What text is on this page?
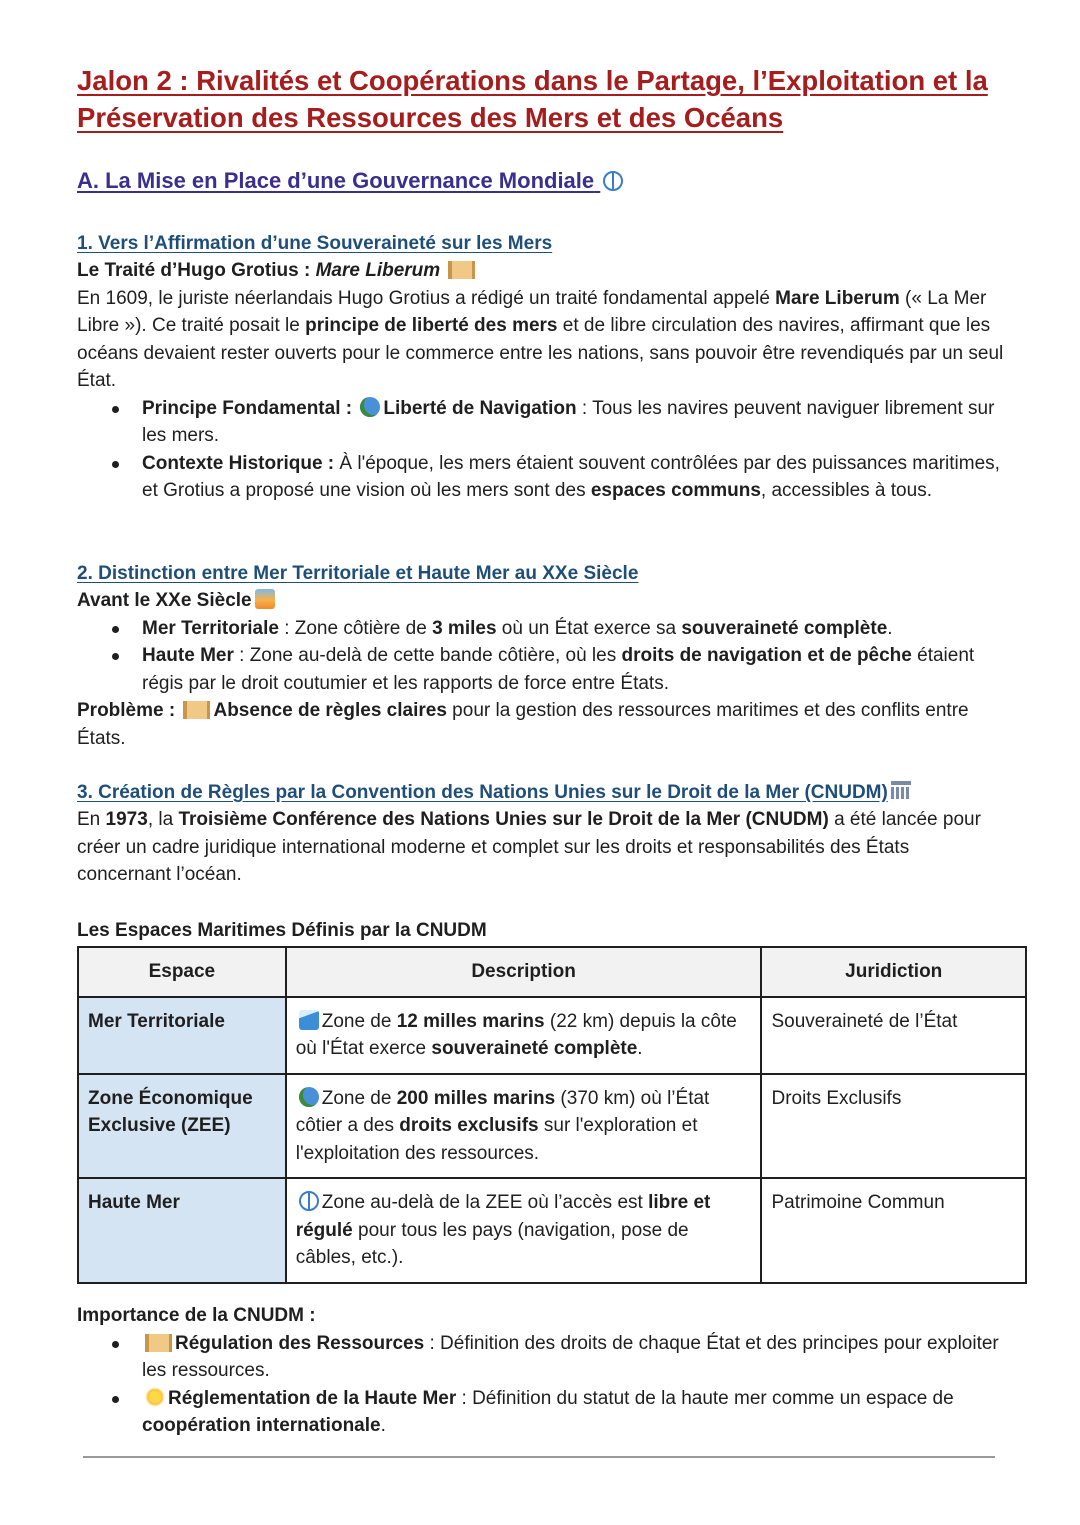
Jalon 2 : Rivalités et Coopérations dans le Partage, l’Exploitation et la
Préservation des Ressources des Mers et des Océans
A. La Mise en Place d’une Gouvernance Mondiale
1. Vers l’Affirmation d’une Souveraineté sur les Mers

Le Traité d’Hugo Grotius : Mare Liberum

En 1609, le juriste néerlandais Hugo Grotius a rédigé un traité fondamental appelé Mare Liberum (« La Mer Libre »). Ce traité posait le principe de liberté des mers et de libre circulation des navires, affirmant que les océans devaient rester ouverts pour le commerce entre les nations, sans pouvoir être revendiqués par un seul État.

Principe Fondamental : Liberté de Navigation : Tous les navires peuvent naviguer librement sur les mers.
Contexte Historique : À l'époque, les mers étaient souvent contrôlées par des puissances maritimes, et Grotius a proposé une vision où les mers sont des espaces communs, accessibles à tous.
2. Distinction entre Mer Territoriale et Haute Mer au XXe Siècle

Avant le XXe Siècle

Mer Territoriale : Zone côtière de 3 miles où un État exerce sa souveraineté complète.
Haute Mer : Zone au-delà de cette bande côtière, où les droits de navigation et de pêche étaient régis par le droit coutumier et les rapports de force entre États.

Problème : Absence de règles claires pour la gestion des ressources maritimes et des conflits entre États.

3. Création de Règles par la Convention des Nations Unies sur le Droit de la Mer (CNUDM)

En 1973, la Troisième Conférence des Nations Unies sur le Droit de la Mer (CNUDM) a été lancée pour créer un cadre juridique international moderne et complet sur les droits et responsabilités des États concernant l’océan.

Les Espaces Maritimes Définis par la CNUDM

Espace	Description	Juridiction
Mer Territoriale	Zone de 12 milles marins (22 km) depuis la côte où l'État exerce souveraineté complète.	Souveraineté de l’État
Zone Économique Exclusive (ZEE)	Zone de 200 milles marins (370 km) où l’État côtier a des droits exclusifs sur l'exploration et l'exploitation des ressources.	Droits Exclusifs
Haute Mer	Zone au-delà de la ZEE où l’accès est libre et régulé pour tous les pays (navigation, pose de câbles, etc.).	Patrimoine Commun

Importance de la CNUDM :

Régulation des Ressources : Définition des droits de chaque État et des principes pour exploiter les ressources.
Réglementation de la Haute Mer : Définition du statut de la haute mer comme un espace de coopération internationale.
